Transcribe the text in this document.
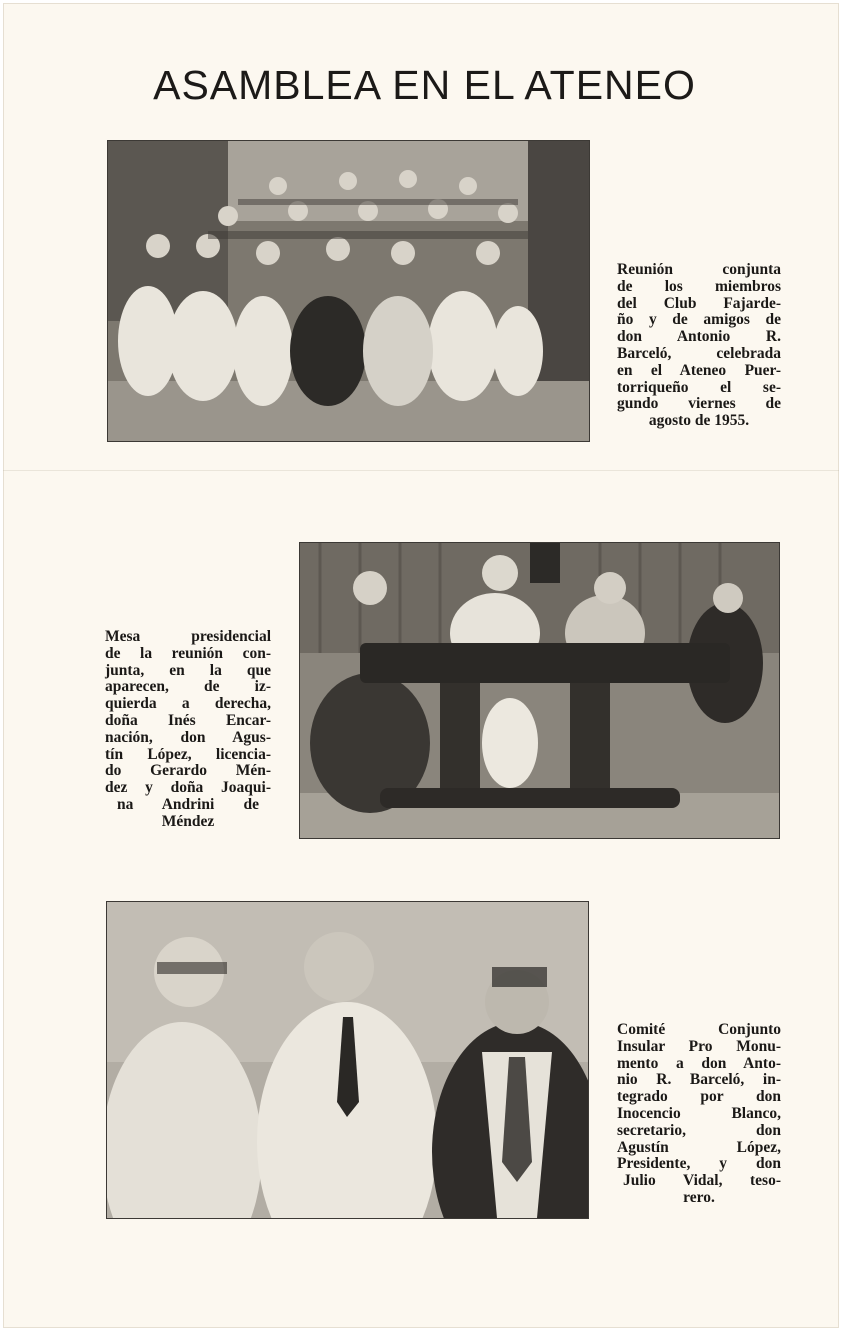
ASAMBLEA EN EL ATENEO
Reunión conjunta
de los miembros
del Club Fajarde-
ño y de amigos de
don Antonio R.
Barceló, celebrada
en el Ateneo Puer-
torriqueño el se-
gundo viernes de
agosto de 1955.
Mesa presidencial
de la reunión con-
junta, en la que
aparecen, de iz-
quierda a derecha,
doña Inés Encar-
nación, don Agus-
tín López, licencia-
do Gerardo Mén-
dez y doña Joaqui-
na Andrini de
Méndez
Comité Conjunto
Insular Pro Monu-
mento a don Anto-
nio R. Barceló, in-
tegrado por don
Inocencio Blanco,
secretario, don
Agustín López,
Presidente, y don
Julio Vidal, teso-
rero.
